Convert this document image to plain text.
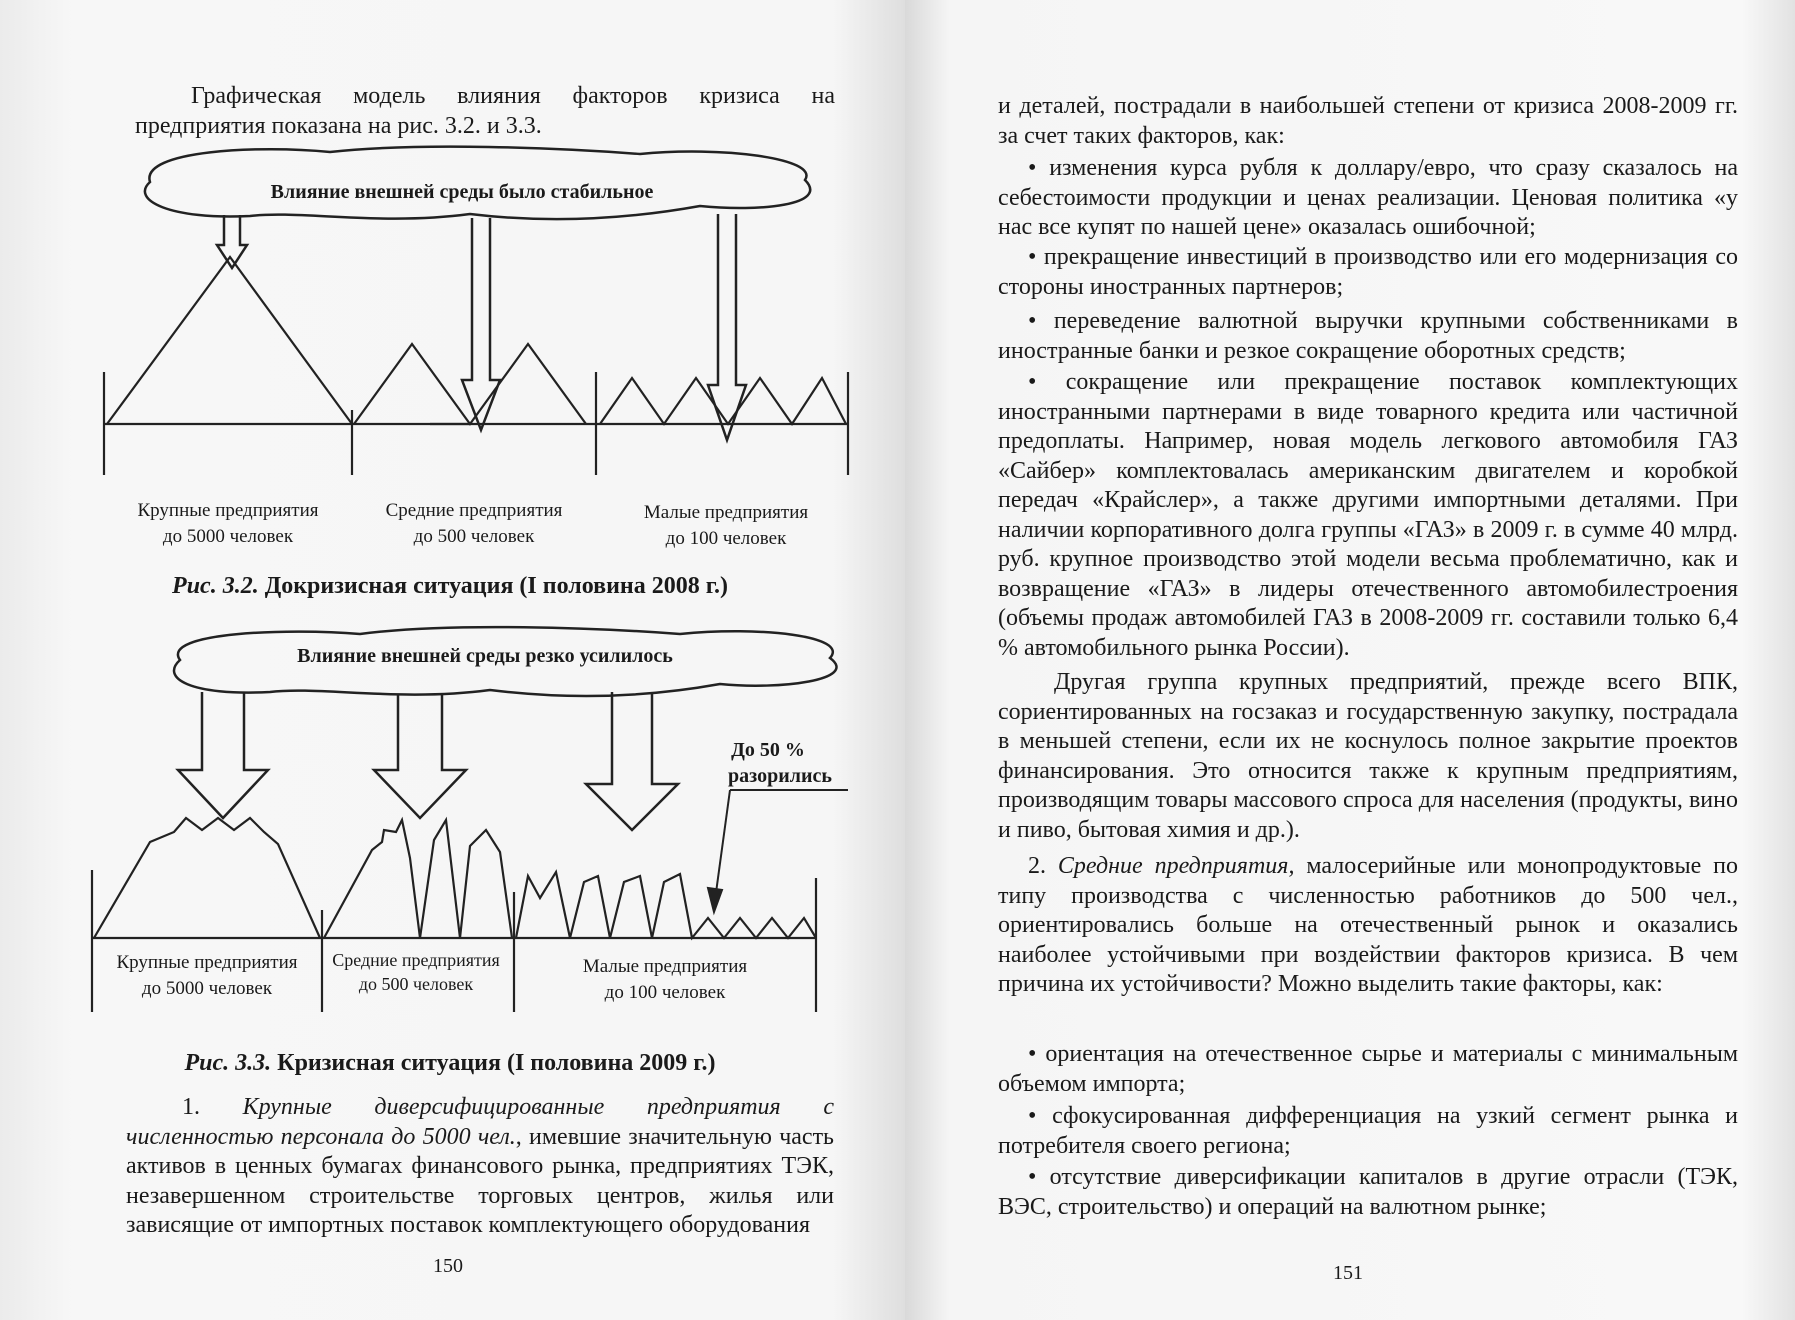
Графическая модель влияния факторов кризиса на предприятия показана на рис. 3.2. и 3.3.

Влияние внешней среды было стабильное
Крупные предприятия
до 5000 человек
Средние предприятия
до 500 человек
Малые предприятия
до 100 человек

Рис. 3.2. Докризисная ситуация (I половина 2008 г.)

Влияние внешней среды резко усилилось
До 50 %
разорились
Крупные предприятия
до 5000 человек
Средние предприятия
до 500 человек
Малые предприятия
до 100 человек

Рис. 3.3. Кризисная ситуация (I половина 2009 г.)

1. Крупные диверсифицированные предприятия с численностью персонала до 5000 чел., имевшие значительную часть активов в ценных бумагах финансового рынка, предприятиях ТЭК, незавершенном строительстве торговых центров, жилья или зависящие от импортных поставок комплектующего оборудования

150

и деталей, пострадали в наибольшей степени от кризиса 2008-2009 гг. за счет таких факторов, как:

• изменения курса рубля к доллару/евро, что сразу сказалось на себестоимости продукции и ценах реализации. Ценовая политика «у нас все купят по нашей цене» оказалась ошибочной;

• прекращение инвестиций в производство или его модернизация со стороны иностранных партнеров;

• переведение валютной выручки крупными собственниками в иностранные банки и резкое сокращение оборотных средств;

• сокращение или прекращение поставок комплектующих иностранными партнерами в виде товарного кредита или частичной предоплаты. Например, новая модель легкового автомобиля ГАЗ «Сайбер» комплектовалась американским двигателем и коробкой передач «Крайслер», а также другими импортными деталями. При наличии корпоративного долга группы «ГАЗ» в 2009 г. в сумме 40 млрд. руб. крупное производство этой модели весьма проблематично, как и возвращение «ГАЗ» в лидеры отечественного автомобилестроения (объемы продаж автомобилей ГАЗ в 2008-2009 гг. составили только 6,4 % автомобильного рынка России).

Другая группа крупных предприятий, прежде всего ВПК, сориентированных на госзаказ и государственную закупку, пострадала в меньшей степени, если их не коснулось полное закрытие проектов финансирования. Это относится также к крупным предприятиям, производящим товары массового спроса для населения (продукты, вино и пиво, бытовая химия и др.).

2. Средние предприятия, малосерийные или монопродуктовые по типу производства с численностью работников до 500 чел., ориентировались больше на отечественный рынок и оказались наиболее устойчивыми при воздействии факторов кризиса. В чем причина их устойчивости? Можно выделить такие факторы, как:

• ориентация на отечественное сырье и материалы с минимальным объемом импорта;

• сфокусированная дифференциация на узкий сегмент рынка и потребителя своего региона;

• отсутствие диверсификации капиталов в другие отрасли (ТЭК, ВЭС, строительство) и операций на валютном рынке;

151
